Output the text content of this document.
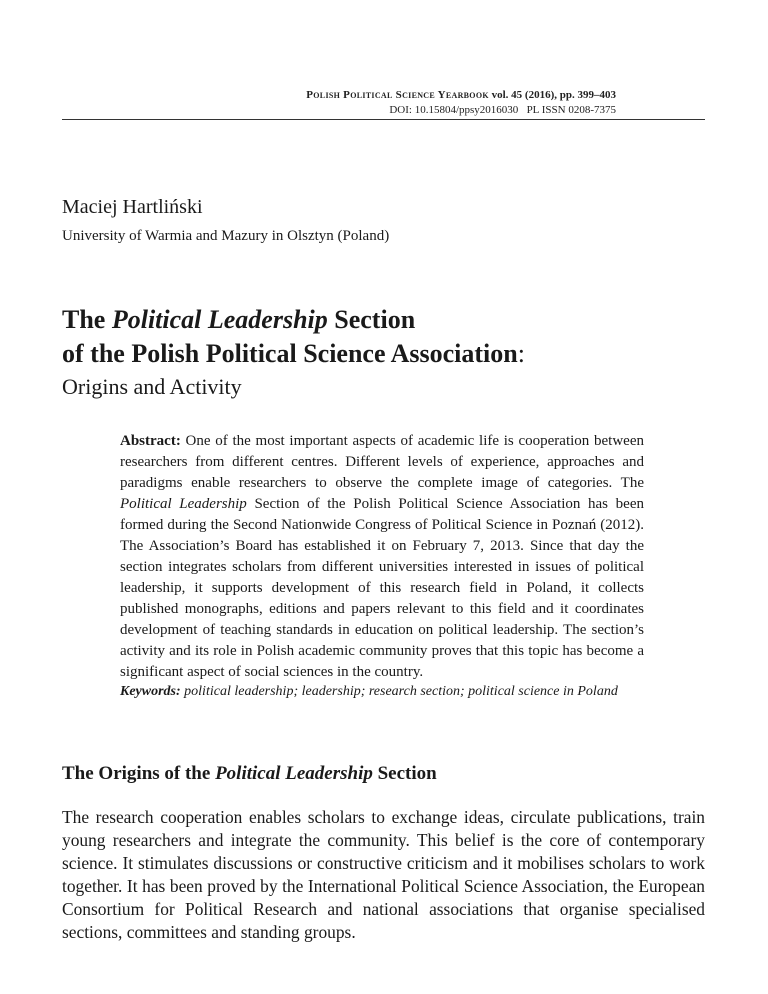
Polish Political Science Yearbook vol. 45 (2016), pp. 399–403
DOI: 10.15804/ppsy2016030 PL ISSN 0208-7375
Maciej Hartliński
University of Warmia and Mazury in Olsztyn (Poland)
The Political Leadership Section
of the Polish Political Science Association:
Origins and Activity
Abstract: One of the most important aspects of academic life is cooperation between researchers from different centres. Different levels of experience, approaches and paradigms enable researchers to observe the complete image of categories. The Political Leadership Section of the Polish Political Science Association has been formed during the Second Nationwide Congress of Political Science in Poznań (2012). The Association’s Board has established it on February 7, 2013. Since that day the section integrates scholars from different universities interested in issues of political leadership, it supports development of this research field in Poland, it collects published monographs, editions and papers relevant to this field and it coordinates development of teaching standards in education on political leadership. The section’s activity and its role in Polish academic community proves that this topic has become a significant aspect of social sciences in the country.
Keywords: political leadership; leadership; research section; political science in Poland
The Origins of the Political Leadership Section
The research cooperation enables scholars to exchange ideas, circulate publications, train young researchers and integrate the community. This belief is the core of contemporary science. It stimulates discussions or constructive criticism and it mobilises scholars to work together. It has been proved by the International Political Science Association, the European Consortium for Political Research and national associations that organise specialised sections, committees and standing groups.
